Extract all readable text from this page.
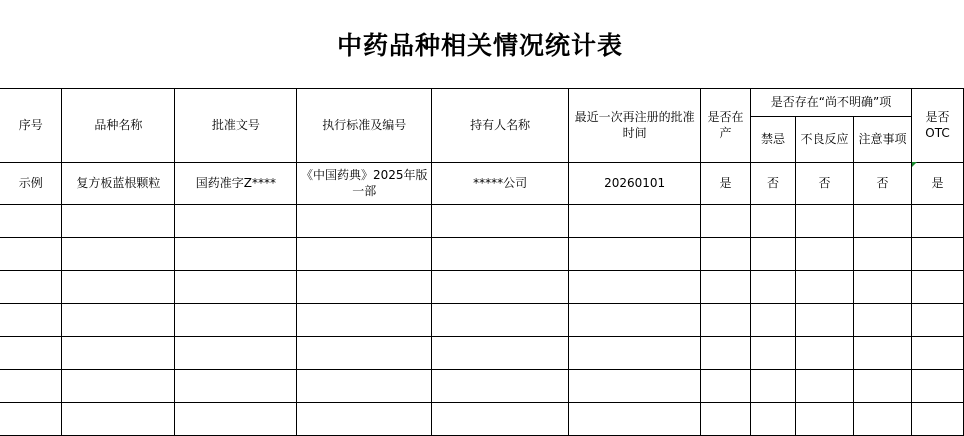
中药品种相关情况统计表
序号	品种名称	批准文号	执行标准及编号	持有人名称	最近一次再注册的批准时间	是否在产	是否存在“尚不明确”项			是否OTC
							禁忌	不良反应	注意事项	
示例	复方板蓝根颗粒	国药准字Z****	《中国药典》2025年版一部	*****公司	20260101	是	否	否	否	是
